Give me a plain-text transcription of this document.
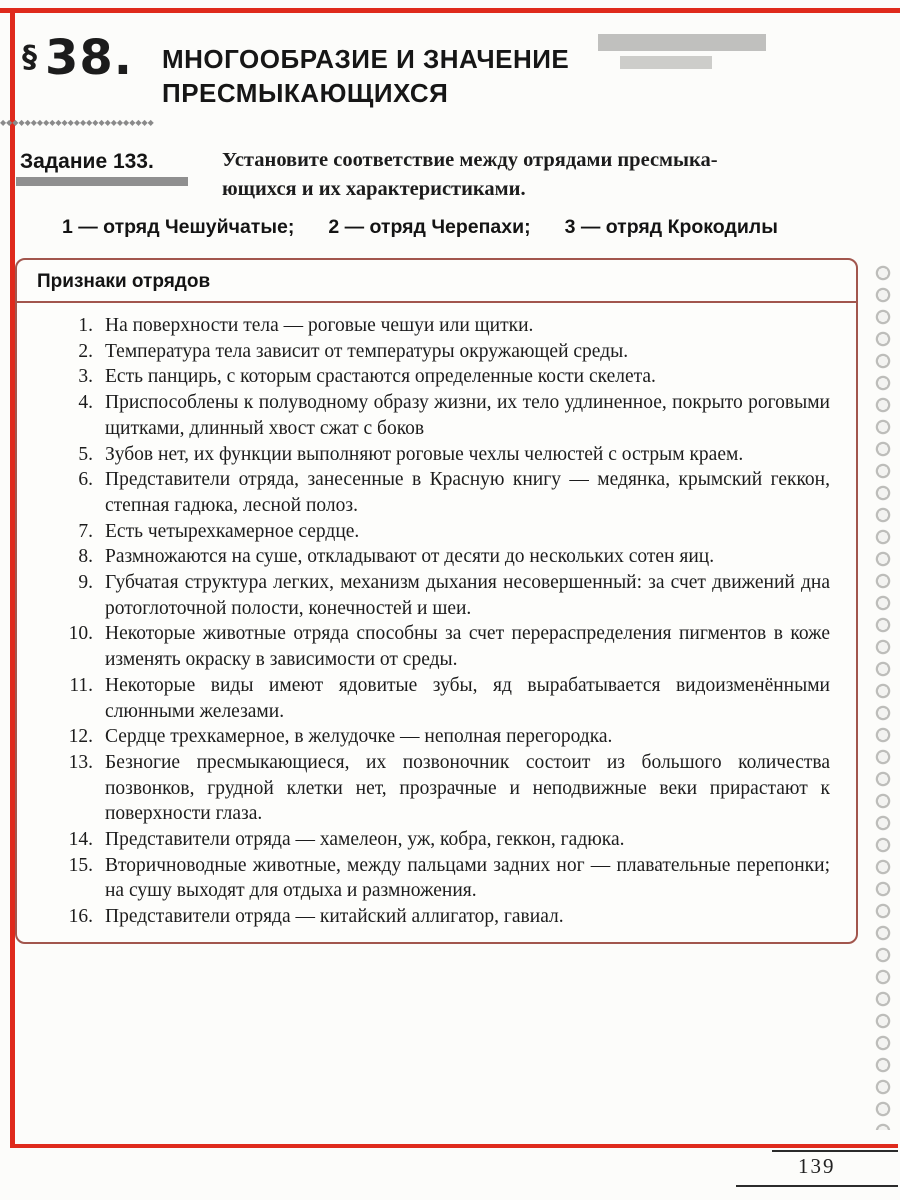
§ 38. МНОГООБРАЗИЕ И ЗНАЧЕНИЕ
ПРЕСМЫКАЮЩИХСЯ
◆◆◆◆◆◆◆◆◆◆◆◆◆◆◆◆◆◆◆◆◆◆◆◆◆
Задание 133.	Установите соответствие между отрядами пресмыка-
ющихся и их характеристиками.
1 — отряд Чешуйчатые; 2 — отряд Черепахи; 3 — отряд Крокодилы
Признаки отрядов
1. На поверхности тела — роговые чешуи или щитки.
2. Температура тела зависит от температуры окружающей среды.
3. Есть панцирь, с которым срастаются определенные кости скелета.
4. Приспособлены к полуводному образу жизни, их тело удлиненное, покрыто роговыми щитками, длинный хвост сжат с боков
5. Зубов нет, их функции выполняют роговые чехлы челюстей с острым краем.
6. Представители отряда, занесенные в Красную книгу — медянка, крымский геккон, степная гадюка, лесной полоз.
7. Есть четырехкамерное сердце.
8. Размножаются на суше, откладывают от десяти до нескольких сотен яиц.
9. Губчатая структура легких, механизм дыхания несовершенный: за счет движений дна ротоглоточной полости, конечностей и шеи.
10. Некоторые животные отряда способны за счет перераспределения пигментов в коже изменять окраску в зависимости от среды.
11. Некоторые виды имеют ядовитые зубы, яд вырабатывается видоизменёнными слюнными железами.
12. Сердце трехкамерное, в желудочке — неполная перегородка.
13. Безногие пресмыкающиеся, их позвоночник состоит из большого количества позвонков, грудной клетки нет, прозрачные и неподвижные веки прирастают к поверхности глаза.
14. Представители отряда — хамелеон, уж, кобра, геккон, гадюка.
15. Вторичноводные животные, между пальцами задних ног — плавательные перепонки; на сушу выходят для отдыха и размножения.
16. Представители отряда — китайский аллигатор, гавиал.
139
